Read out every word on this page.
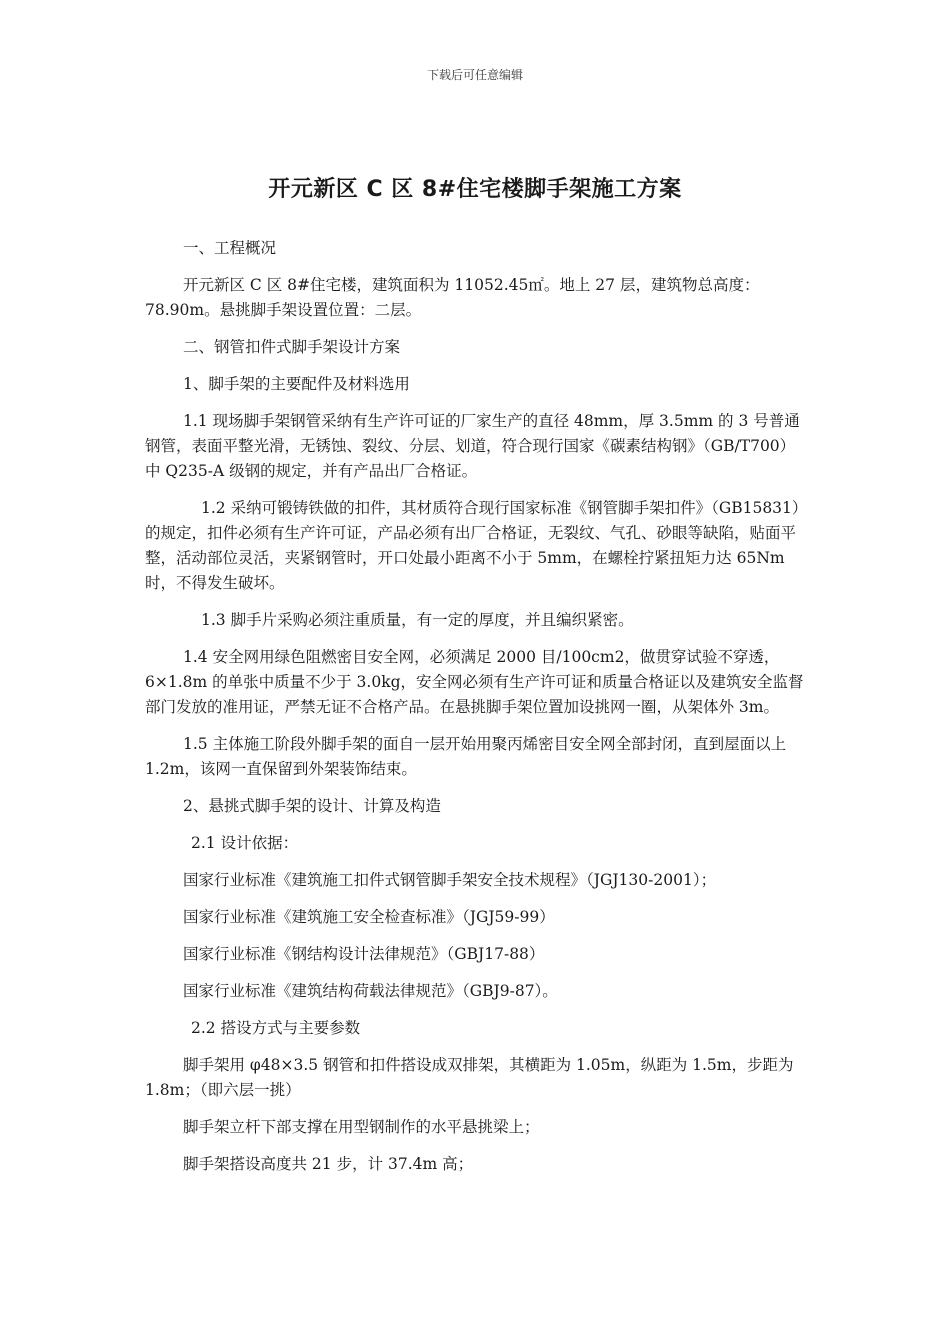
下载后可任意编辑
开元新区 C 区 8#住宅楼脚手架施工方案

一、工程概况

开元新区 C 区 8#住宅楼，建筑面积为 11052.45㎡。地上 27 层，建筑物总高度：78.90m。悬挑脚手架设置位置：二层。

二、钢管扣件式脚手架设计方案

1、脚手架的主要配件及材料选用

1.1 现场脚手架钢管采纳有生产许可证的厂家生产的直径 48mm，厚 3.5mm 的 3 号普通钢管，表面平整光滑，无锈蚀、裂纹、分层、划道，符合现行国家《碳素结构钢》（GB/T700）中 Q235-A 级钢的规定，并有产品出厂合格证。

1.2 采纳可锻铸铁做的扣件，其材质符合现行国家标准《钢管脚手架扣件》（GB15831）的规定，扣件必须有生产许可证，产品必须有出厂合格证，无裂纹、气孔、砂眼等缺陷，贴面平整，活动部位灵活，夹紧钢管时，开口处最小距离不小于 5mm，在螺栓拧紧扭矩力达 65Nm 时，不得发生破坏。

1.3 脚手片采购必须注重质量，有一定的厚度，并且编织紧密。

1.4 安全网用绿色阻燃密目安全网，必须满足 2000 目/100cm2，做贯穿试验不穿透，6×1.8m 的单张中质量不少于 3.0kg，安全网必须有生产许可证和质量合格证以及建筑安全监督部门发放的准用证，严禁无证不合格产品。在悬挑脚手架位置加设挑网一圈，从架体外 3m。

1.5 主体施工阶段外脚手架的面自一层开始用聚丙烯密目安全网全部封闭，直到屋面以上 1.2m，该网一直保留到外架装饰结束。

2、悬挑式脚手架的设计、计算及构造

2.1 设计依据：

国家行业标准《建筑施工扣件式钢管脚手架安全技术规程》（JGJ130-2001）；

国家行业标准《建筑施工安全检查标准》（JGJ59-99）

国家行业标准《钢结构设计法律规范》（GBJ17-88）

国家行业标准《建筑结构荷载法律规范》（GBJ9-87）。

2.2 搭设方式与主要参数

脚手架用 φ48×3.5 钢管和扣件搭设成双排架，其横距为 1.05m，纵距为 1.5m，步距为 1.8m；（即六层一挑）

脚手架立杆下部支撑在用型钢制作的水平悬挑梁上；

脚手架搭设高度共 21 步，计 37.4m 高；
